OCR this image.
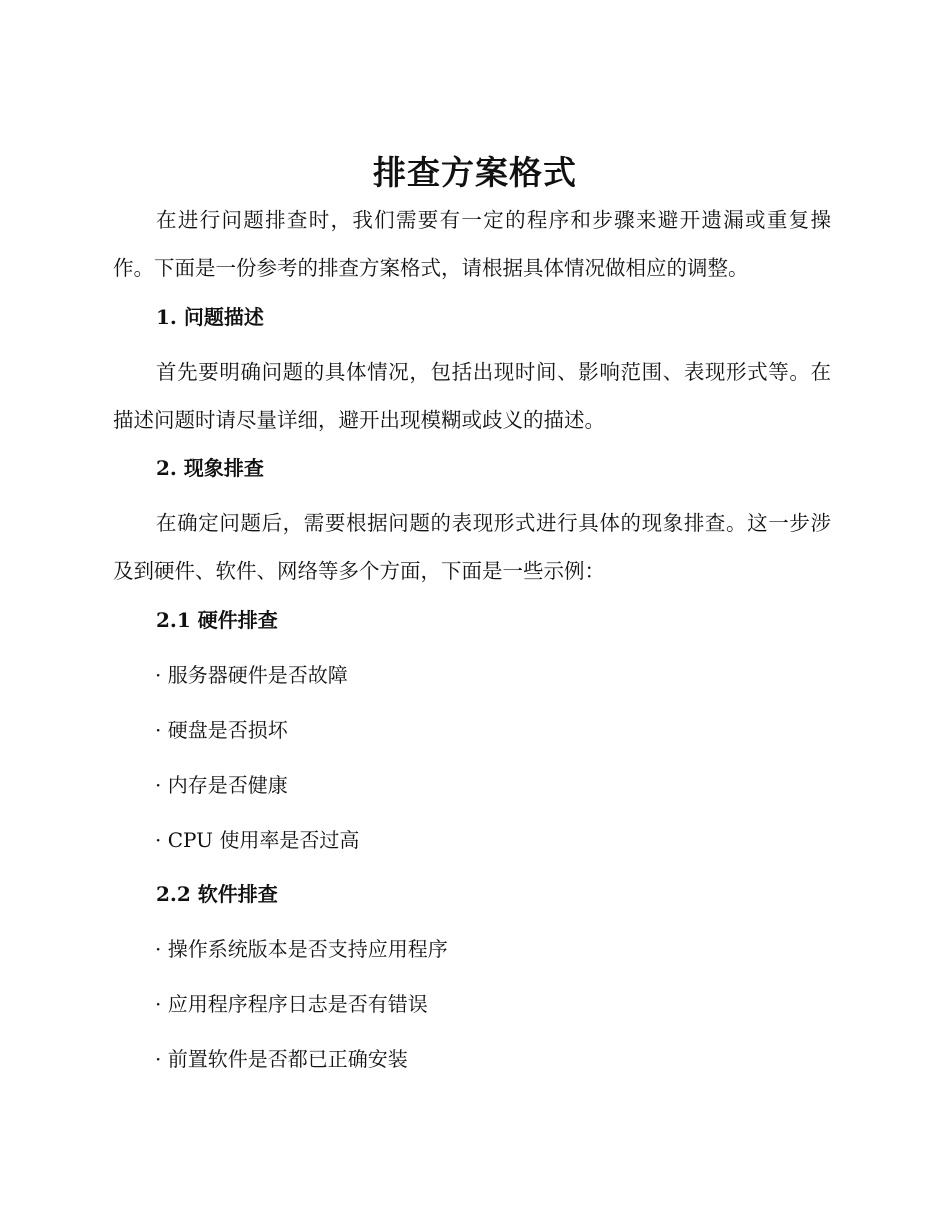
排查方案格式

在进行问题排查时，我们需要有一定的程序和步骤来避开遗漏或重复操作。下面是一份参考的排查方案格式，请根据具体情况做相应的调整。

1. 问题描述

首先要明确问题的具体情况，包括出现时间、影响范围、表现形式等。在描述问题时请尽量详细，避开出现模糊或歧义的描述。

2. 现象排查

在确定问题后，需要根据问题的表现形式进行具体的现象排查。这一步涉及到硬件、软件、网络等多个方面，下面是一些示例：

2.1 硬件排查

· 服务器硬件是否故障

· 硬盘是否损坏

· 内存是否健康

· CPU 使用率是否过高

2.2 软件排查

· 操作系统版本是否支持应用程序

· 应用程序程序日志是否有错误

· 前置软件是否都已正确安装
